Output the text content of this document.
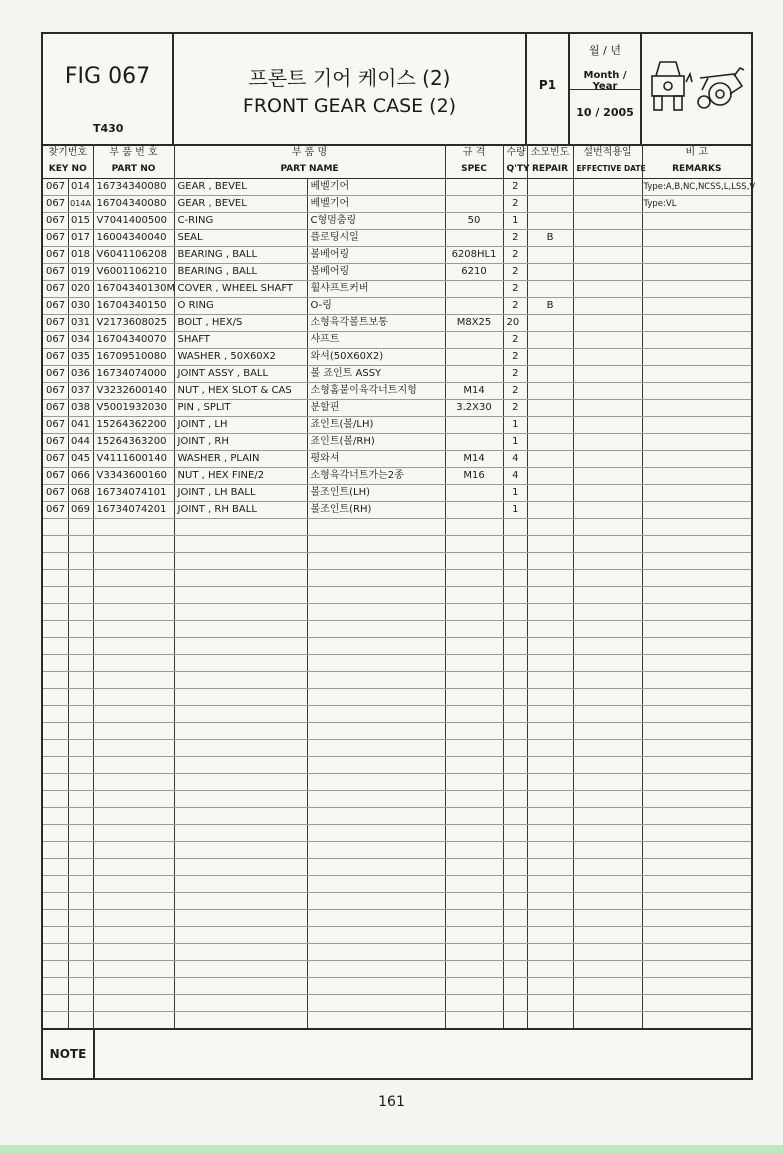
FIG 067
T430
프론트 기어 케이스 (2)
FRONT GEAR CASE (2)
P1
월 / 년
Month / Year
10 / 2005
찾기번호		부 품 번 호	부 품 명		규 격	수량	소모빈도	설번적용일	비 고
KEY NO		PART NO	PART NAME		SPEC	Q'TY	REPAIR	EFFECTIVE DATE	REMARKS
067	014	16734340080	GEAR , BEVEL	베벨기어		2			Type:A,B,NC,NCSS,L,LSS,V
067	014A	16704340080	GEAR , BEVEL	베벨기어		2			Type:VL
067	015	V7041400500	C-RING	C형멈춤링	50	1			
067	017	16004340040	SEAL	플로팅시일		2	B		
067	018	V6041106208	BEARING , BALL	볼베어링	6208HL1	2			
067	019	V6001106210	BEARING , BALL	볼베어링	6210	2			
067	020	16704340130M	COVER , WHEEL SHAFT	휠샤프트커버		2			
067	030	16704340150	O RING	O-링		2	B		
067	031	V2173608025	BOLT , HEX/S	소형육각볼트보통	M8X25	20			
067	034	16704340070	SHAFT	샤프트		2			
067	035	16709510080	WASHER , 50X60X2	와셔(50X60X2)		2			
067	036	16734074000	JOINT ASSY , BALL	볼 죠인트 ASSY		2			
067	037	V3232600140	NUT , HEX SLOT & CAS	소형홈붙이육각너트지헝	M14	2			
067	038	V5001932030	PIN , SPLIT	분할핀	3.2X30	2			
067	041	15264362200	JOINT , LH	죠인트(볼/LH)		1			
067	044	15264363200	JOINT , RH	죠인트(볼/RH)		1			
067	045	V4111600140	WASHER , PLAIN	평와셔	M14	4			
067	066	V3343600160	NUT , HEX FINE/2	소형육각너트가는2종	M16	4			
067	068	16734074101	JOINT , LH BALL	볼조인트(LH)		1			
067	069	16734074201	JOINT , RH BALL	볼조인트(RH)		1			

NOTE
161
